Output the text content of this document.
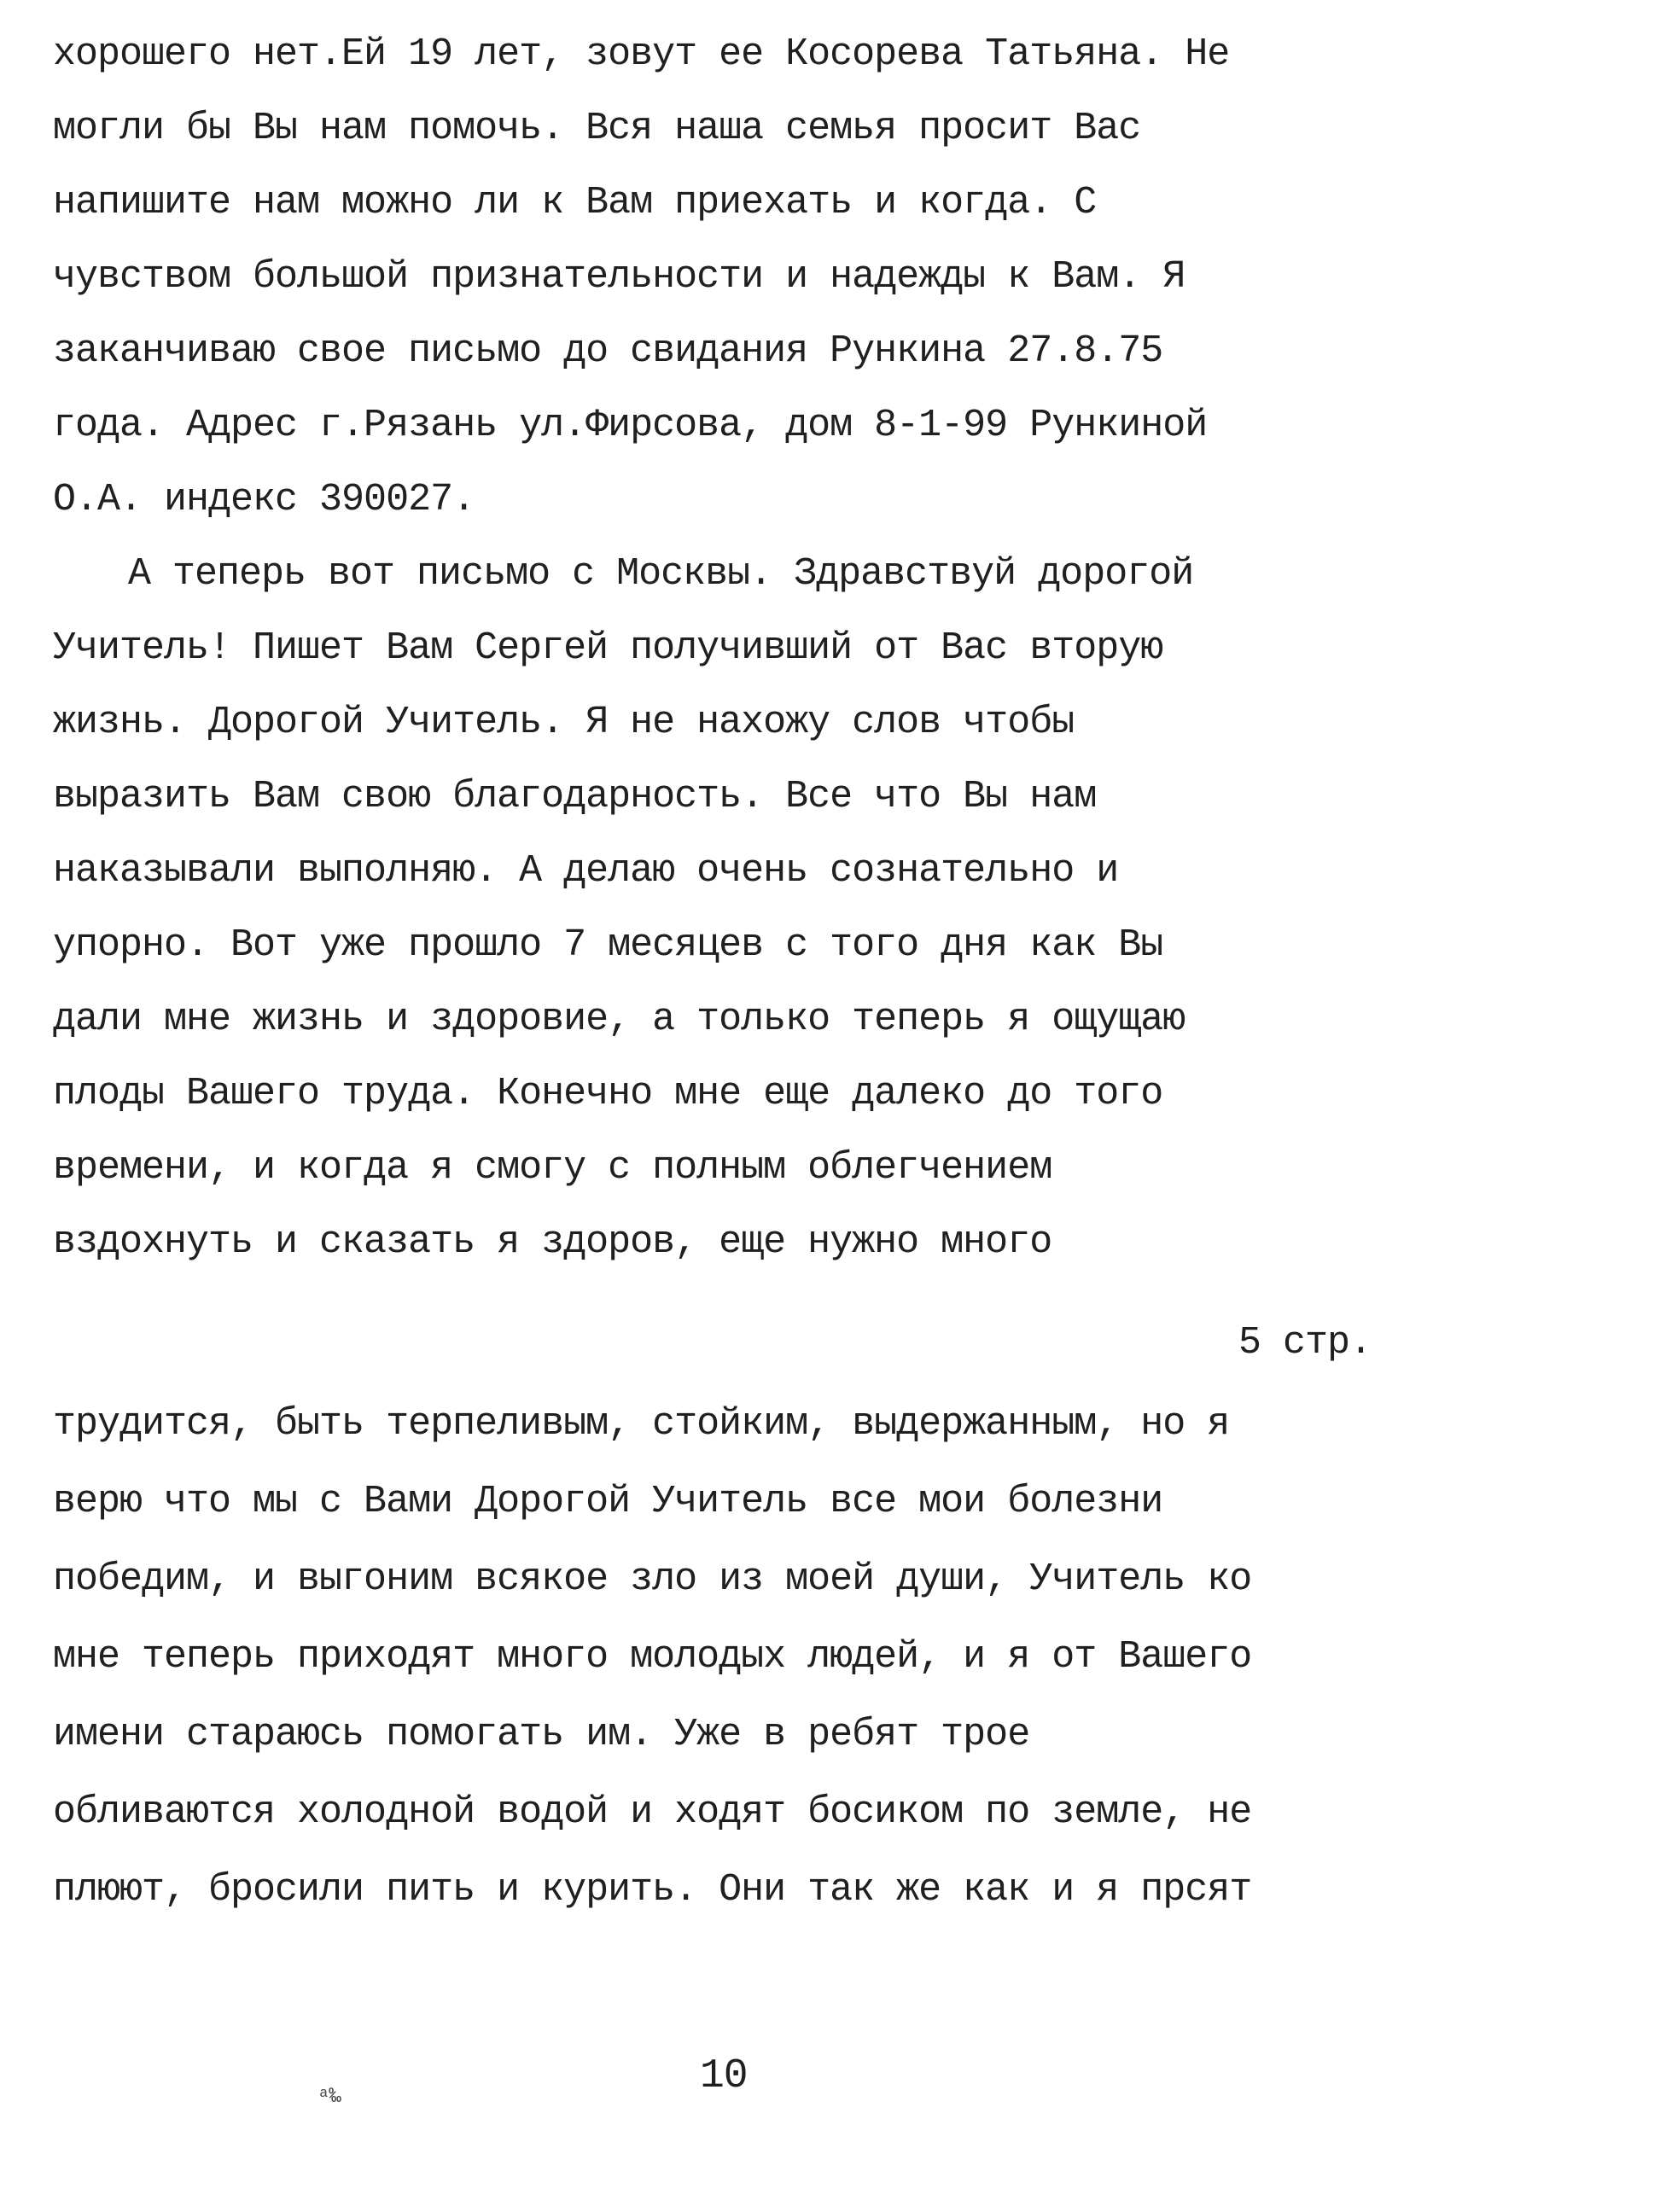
хорошего нет.Ей 19 лет, зовут ее Косорева Татьяна. Не
могли бы Вы нам помочь. Вся наша семья просит Вас
напишите нам можно ли к Вам приехать и когда. С
чувством большой признательности и надежды к Вам. Я
заканчиваю свое письмо до свидания Рункина 27.8.75
года. Адрес г.Рязань ул.Фирсова, дом 8-1-99 Рункиной
О.А. индекс 390027.
А теперь вот письмо с Москвы. Здравствуй дорогой
Учитель! Пишет Вам Сергей получивший от Вас вторую
жизнь. Дорогой Учитель. Я не нахожу слов чтобы
выразить Вам свою благодарность. Все что Вы нам
наказывали выполняю. А делаю очень сознательно и
упорно. Вот уже прошло 7 месяцев с того дня как Вы
дали мне жизнь и здоровие, а только теперь я ощущаю
плоды Вашего труда. Конечно мне еще далеко до того
времени, и когда я смогу с полным облегчением
вздохнуть и сказать я здоров, еще нужно много
5 стр.
трудится, быть терпеливым, стойким, выдержанным, но я
верю что мы с Вами Дорогой Учитель все мои болезни
победим, и выгоним всякое зло из моей души, Учитель ко
мне теперь приходят много молодых людей, и я от Вашего
имени стараюсь помогать им. Уже в ребят трое
обливаются холодной водой и ходят босиком по земле, не
плюют, бросили пить и курить. Они так же как и я прсят
ᵃ‰	10
